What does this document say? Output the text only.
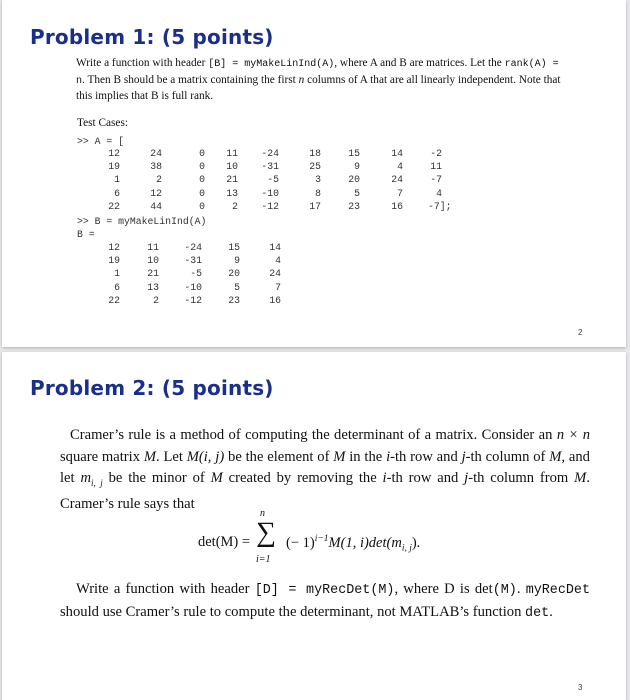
Problem 1: (5 points)
Write a function with header [B] = myMakeLinInd(A), where A and B are matrices. Let the rank(A) = n. Then B should be a matrix containing the first n columns of A that are all linearly independent. Note that this implies that B is full rank.
Test Cases:
>> A = [
12	24	0	11	-24	18	15	14	-2
19	38	0	10	-31	25	9	4	11
1	2	0	21	-5	3	20	24	-7
6	12	0	13	-10	8	5	7	4
22	44	0	2	-12	17	23	16	-7];
>> B = myMakeLinInd(A)
B =
12	11	-24	15	14
19	10	-31	9	4
1	21	-5	20	24
6	13	-10	5	7
22	2	-12	23	16
2
Problem 2: (5 points)
Cramer’s rule is a method of computing the determinant of a matrix. Consider an n × n square matrix M. Let M(i, j) be the element of M in the i-th row and j-th column of M, and let $m_{i, j}$ be the minor of M created by removing the i-th row and j-th column from M. Cramer’s rule says that
det(M) =
n
∑
i=1
(− 1)$^{i-1}$M(1, $i)\det(m_{i, j})$.
Write a function with header [D] = myRecDet(M), where D is det(M). myRecDet should use Cramer’s rule to compute the determinant, not MATLAB’s function det.
3
